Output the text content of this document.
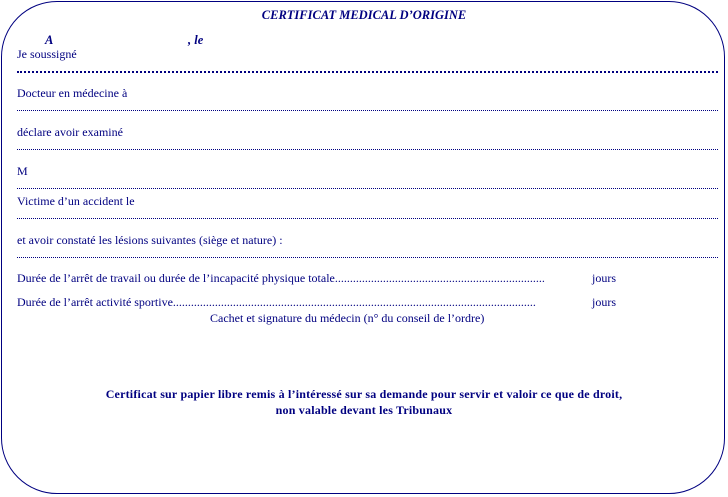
CERTIFICAT MEDICAL D’ORIGINE
A	, le
Je soussigné
Docteur en médecine à
déclare avoir examiné
M
Victime d’un accident le
et avoir constaté les lésions suivantes (siège et nature) :
Durée de l’arrêt de travail ou durée de l’incapacité physique totale......................................................................	jours
Durée de l’arrêt activité sportive.........................................................................................................................	jours
Cachet et signature du médecin (n° du conseil de l’ordre)
Certificat sur papier libre remis à l’intéressé sur sa demande pour servir et valoir ce que de droit,
non valable devant les Tribunaux
